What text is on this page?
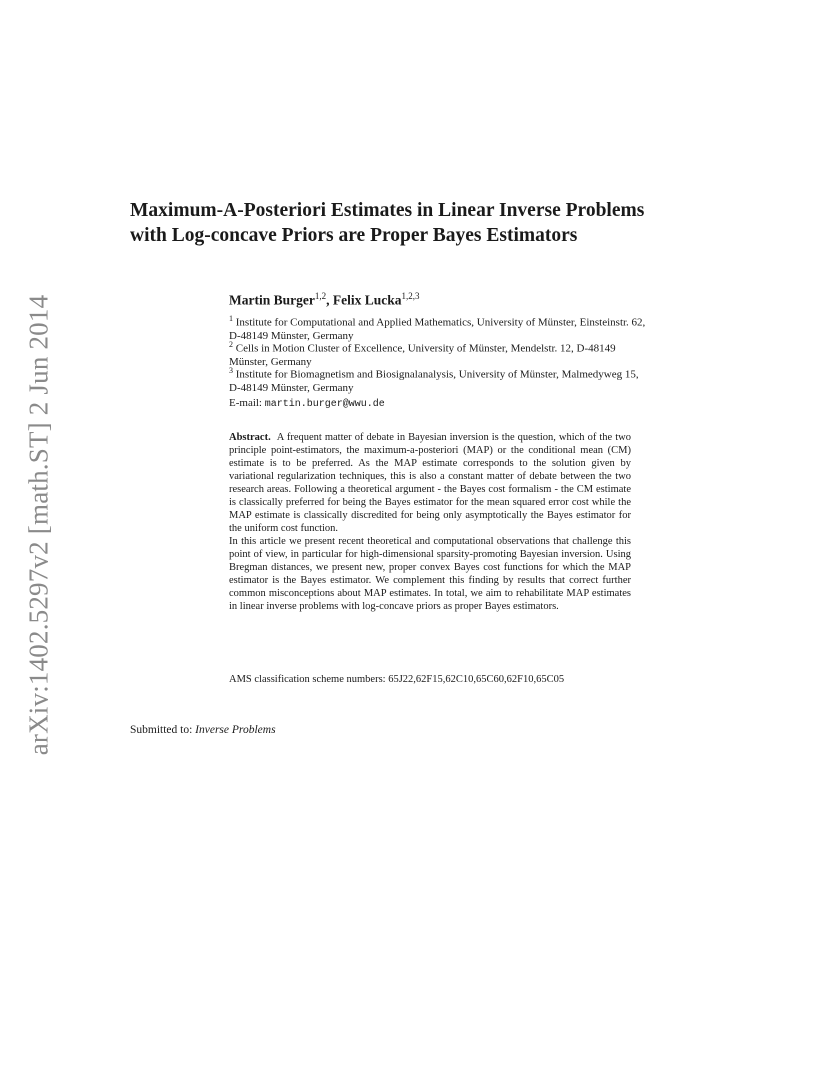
arXiv:1402.5297v2 [math.ST] 2 Jun 2014
Maximum-A-Posteriori Estimates in Linear Inverse Problems with Log-concave Priors are Proper Bayes Estimators

Martin Burger$^{1,2}$, Felix Lucka$^{1,2,3}$

$^1$ Institute for Computational and Applied Mathematics, University of Münster, Einsteinstr. 62, D-48149 Münster, Germany

$^2$ Cells in Motion Cluster of Excellence, University of Münster, Mendelstr. 12, D-48149 Münster, Germany

$^3$ Institute for Biomagnetism and Biosignalanalysis, University of Münster, Malmedyweg 15, D-48149 Münster, Germany

E-mail: martin.burger@wwu.de

Abstract. A frequent matter of debate in Bayesian inversion is the question, which of the two principle point-estimators, the maximum-a-posteriori (MAP) or the conditional mean (CM) estimate is to be preferred. As the MAP estimate corresponds to the solution given by variational regularization techniques, this is also a constant matter of debate between the two research areas. Following a theoretical argument - the Bayes cost formalism - the CM estimate is classically preferred for being the Bayes estimator for the mean squared error cost while the MAP estimate is classically discredited for being only asymptotically the Bayes estimator for the uniform cost function.

In this article we present recent theoretical and computational observations that challenge this point of view, in particular for high-dimensional sparsity-promoting Bayesian inversion. Using Bregman distances, we present new, proper convex Bayes cost functions for which the MAP estimator is the Bayes estimator. We complement this finding by results that correct further common misconceptions about MAP estimates. In total, we aim to rehabilitate MAP estimates in linear inverse problems with log-concave priors as proper Bayes estimators.

AMS classification scheme numbers: 65J22,62F15,62C10,65C60,62F10,65C05

Submitted to: Inverse Problems
